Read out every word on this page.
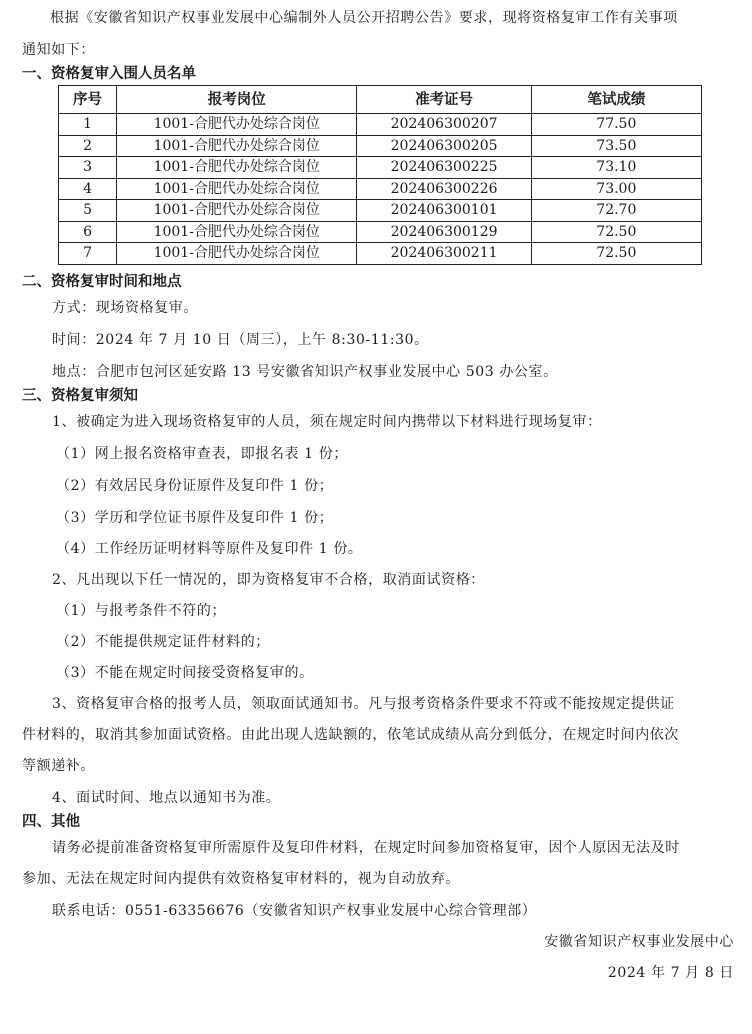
根据《安徽省知识产权事业发展中心编制外人员公开招聘公告》要求，现将资格复审工作有关事项
通知如下：
一、资格复审入围人员名单
序号	报考岗位	准考证号	笔试成绩
1	1001-合肥代办处综合岗位	202406300207	77.50
2	1001-合肥代办处综合岗位	202406300205	73.50
3	1001-合肥代办处综合岗位	202406300225	73.10
4	1001-合肥代办处综合岗位	202406300226	73.00
5	1001-合肥代办处综合岗位	202406300101	72.70
6	1001-合肥代办处综合岗位	202406300129	72.50
7	1001-合肥代办处综合岗位	202406300211	72.50
二、资格复审时间和地点
方式：现场资格复审。
时间：2024 年 7 月 10 日（周三），上午 8:30-11:30。
地点：合肥市包河区延安路 13 号安徽省知识产权事业发展中心 503 办公室。
三、资格复审须知
1、被确定为进入现场资格复审的人员，须在规定时间内携带以下材料进行现场复审：
（1）网上报名资格审查表，即报名表 1 份；
（2）有效居民身份证原件及复印件 1 份；
（3）学历和学位证书原件及复印件 1 份；
（4）工作经历证明材料等原件及复印件 1 份。
2、凡出现以下任一情况的，即为资格复审不合格，取消面试资格：
（1）与报考条件不符的；
（2）不能提供规定证件材料的；
（3）不能在规定时间接受资格复审的。
3、资格复审合格的报考人员，领取面试通知书。凡与报考资格条件要求不符或不能按规定提供证
件材料的，取消其参加面试资格。由此出现人选缺额的，依笔试成绩从高分到低分，在规定时间内依次
等额递补。
4、面试时间、地点以通知书为准。
四、其他
请务必提前准备资格复审所需原件及复印件材料，在规定时间参加资格复审，因个人原因无法及时
参加、无法在规定时间内提供有效资格复审材料的，视为自动放弃。
联系电话：0551-63356676（安徽省知识产权事业发展中心综合管理部）
安徽省知识产权事业发展中心
2024 年 7 月 8 日
